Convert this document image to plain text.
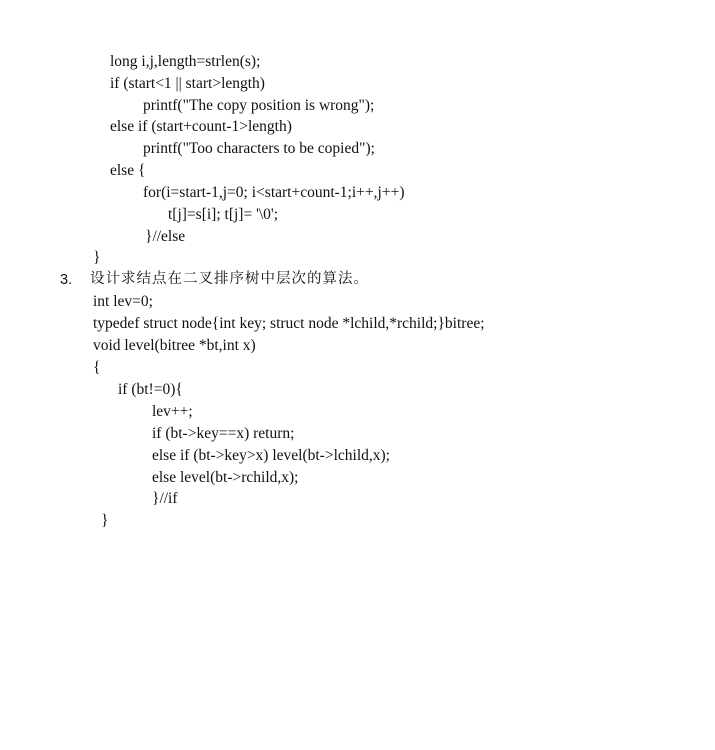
long i,j,length=strlen(s);
if (start<1 || start>length)
printf("The copy position is wrong");
else if (start+count-1>length)
printf("Too characters to be copied");
else {
for(i=start-1,j=0; i<start+count-1;i++,j++)
t[j]=s[i]; t[j]= '\0';
}//else
}
3. 设计求结点在二叉排序树中层次的算法。
int lev=0;
typedef struct node{int key; struct node *lchild,*rchild;}bitree;
void level(bitree *bt,int x)
{
if (bt!=0){
lev++;
if (bt->key==x) return;
else if (bt->key>x) level(bt->lchild,x);
else level(bt->rchild,x);
}//if
}
